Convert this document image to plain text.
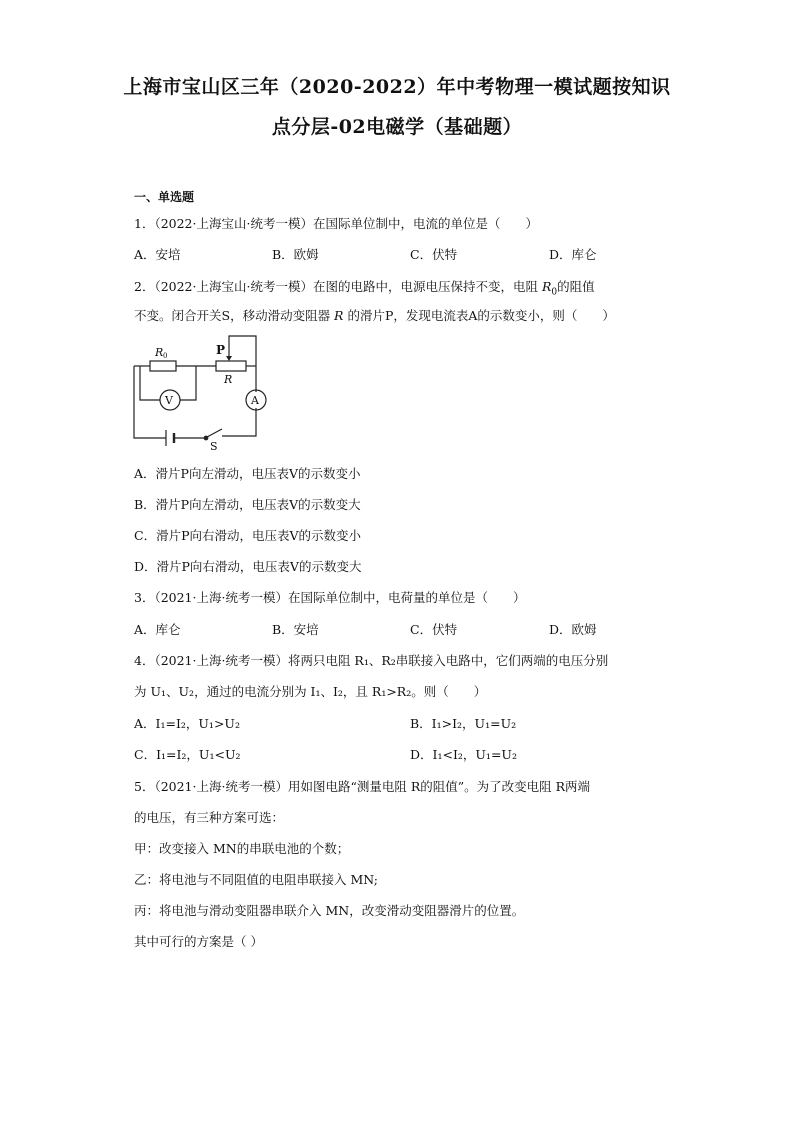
上海市宝山区三年（2020-2022）年中考物理一模试题按知识
点分层-02电磁学（基础题）
一、单选题
1．（2022·上海宝山·统考一模）在国际单位制中，电流的单位是（　　）
A．安培	B．欧姆	C．伏特	D．库仑
2．（2022·上海宝山·统考一模）在图的电路中，电源电压保持不变，电阻 $R_0$的阻值
不变。闭合开关S，移动滑动变阻器 R 的滑片P，发现电流表A的示数变小，则（　　）
R 0	P
R
V	A
S
A．滑片P向左滑动，电压表V的示数变小
B．滑片P向左滑动，电压表V的示数变大
C．滑片P向右滑动，电压表V的示数变小
D．滑片P向右滑动，电压表V的示数变大
3．（2021·上海·统考一模）在国际单位制中，电荷量的单位是（　　）
A．库仑	B．安培	C．伏特	D．欧姆
4．（2021·上海·统考一模）将两只电阻 R₁、R₂串联接入电路中，它们两端的电压分别
为 U₁、U₂，通过的电流分别为 I₁、I₂，且 R₁>R₂。则（　　）
A．I₁=I₂，U₁>U₂	B．I₁>I₂，U₁=U₂
C．I₁=I₂，U₁<U₂	D．I₁<I₂，U₁=U₂
5．（2021·上海·统考一模）用如图电路“测量电阻 R的阻值”。为了改变电阻 R两端
的电压，有三种方案可选：
甲：改变接入 MN的串联电池的个数；
乙：将电池与不同阻值的电阻串联接入 MN;
丙：将电池与滑动变阻器串联介入 MN，改变滑动变阻器滑片的位置。
其中可行的方案是（ ）
